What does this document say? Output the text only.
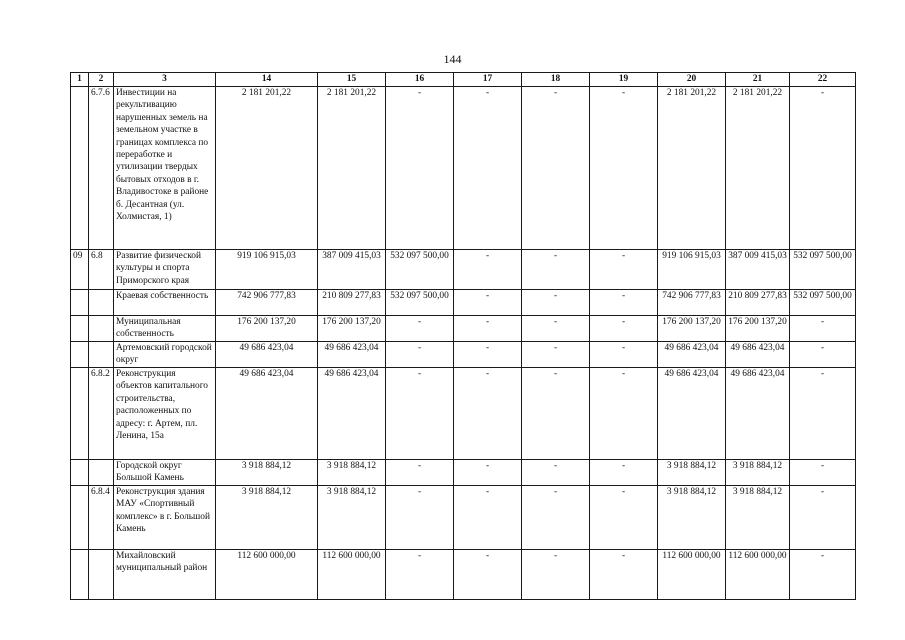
144
1	2	3	14	15	16	17	18	19	20	21	22
	6.7.6	Инвестиции на рекультивацию нарушенных земель на земельном участке в границах комплекса по переработке и утилизации твердых бытовых отходов в г. Владивостоке в районе б. Десантная (ул. Холмистая, 1)	2 181 201,22	2 181 201,22	-	-	-	-	2 181 201,22	2 181 201,22	-
09	6.8	Развитие физической культуры и спорта Приморского края	919 106 915,03	387 009 415,03	532 097 500,00	-	-	-	919 106 915,03	387 009 415,03	532 097 500,00
		Краевая собственность	742 906 777,83	210 809 277,83	532 097 500,00	-	-	-	742 906 777,83	210 809 277,83	532 097 500,00
		Муниципальная собственность	176 200 137,20	176 200 137,20	-	-	-	-	176 200 137,20	176 200 137,20	-
		Артемовский городской округ	49 686 423,04	49 686 423,04	-	-	-	-	49 686 423,04	49 686 423,04	-
	6.8.2	Реконструкция объектов капитального строительства, расположенных по адресу: г. Артем, пл. Ленина, 15а	49 686 423,04	49 686 423,04	-	-	-	-	49 686 423,04	49 686 423,04	-
		Городской округ Большой Камень	3 918 884,12	3 918 884,12	-	-	-	-	3 918 884,12	3 918 884,12	-
	6.8.4	Реконструкция здания МАУ «Спортивный комплекс» в г. Большой Камень	3 918 884,12	3 918 884,12	-	-	-	-	3 918 884,12	3 918 884,12	-
		Михайловский муниципальный район	112 600 000,00	112 600 000,00	-	-	-	-	112 600 000,00	112 600 000,00	-
